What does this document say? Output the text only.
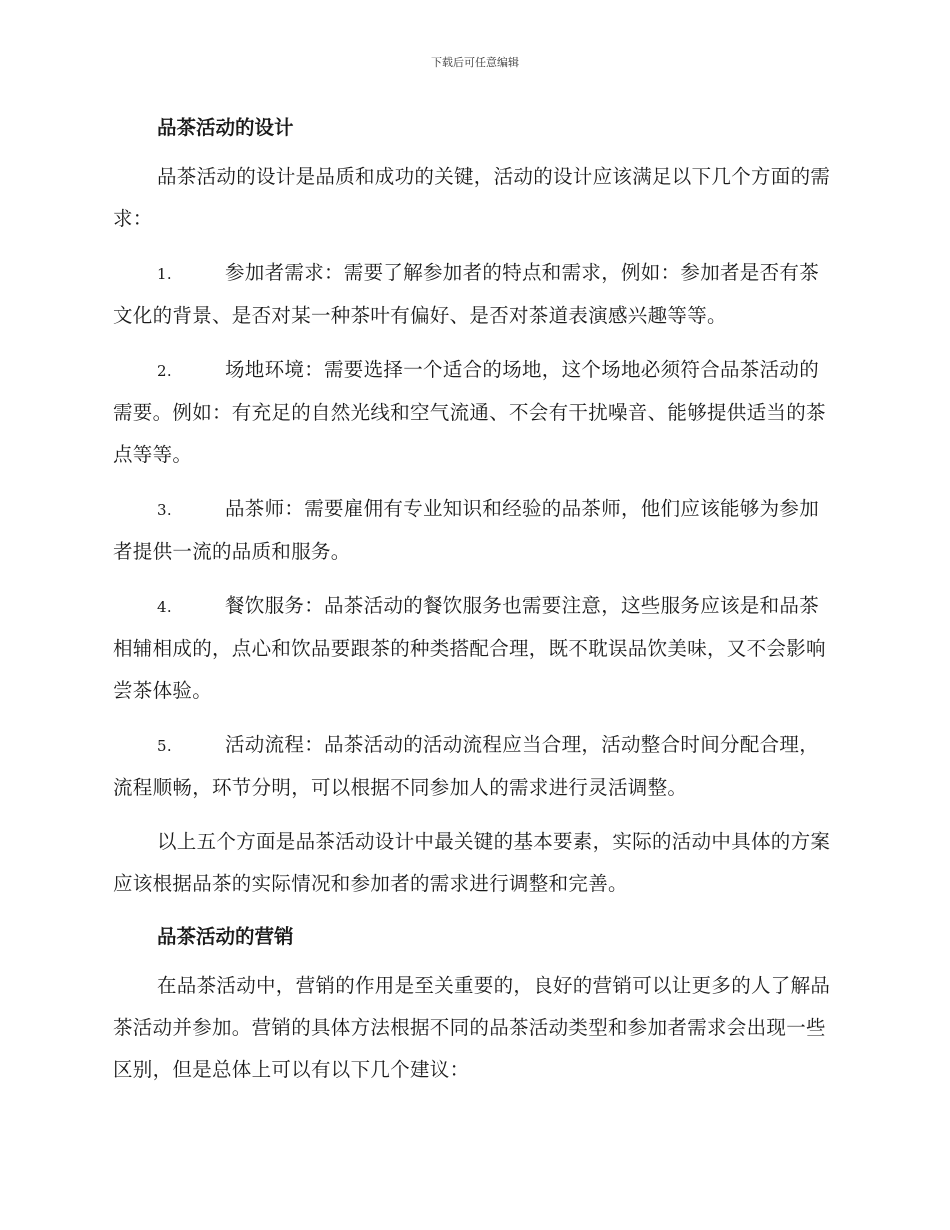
下载后可任意编辑
品茶活动的设计

品茶活动的设计是品质和成功的关键，活动的设计应该满足以下几个方面的需求：

1.	参加者需求：需要了解参加者的特点和需求，例如：参加者是否有茶文化的背景、是否对某一种茶叶有偏好、是否对茶道表演感兴趣等等。
2.	场地环境：需要选择一个适合的场地，这个场地必须符合品茶活动的需要。例如：有充足的自然光线和空气流通、不会有干扰噪音、能够提供适当的茶点等等。
3.	品茶师：需要雇佣有专业知识和经验的品茶师，他们应该能够为参加者提供一流的品质和服务。
4.	餐饮服务：品茶活动的餐饮服务也需要注意，这些服务应该是和品茶相辅相成的，点心和饮品要跟茶的种类搭配合理，既不耽误品饮美味，又不会影响尝茶体验。
5.	活动流程：品茶活动的活动流程应当合理，活动整合时间分配合理，流程顺畅，环节分明，可以根据不同参加人的需求进行灵活调整。

以上五个方面是品茶活动设计中最关键的基本要素，实际的活动中具体的方案应该根据品茶的实际情况和参加者的需求进行调整和完善。

品茶活动的营销

在品茶活动中，营销的作用是至关重要的，良好的营销可以让更多的人了解品茶活动并参加。营销的具体方法根据不同的品茶活动类型和参加者需求会出现一些区别，但是总体上可以有以下几个建议：
